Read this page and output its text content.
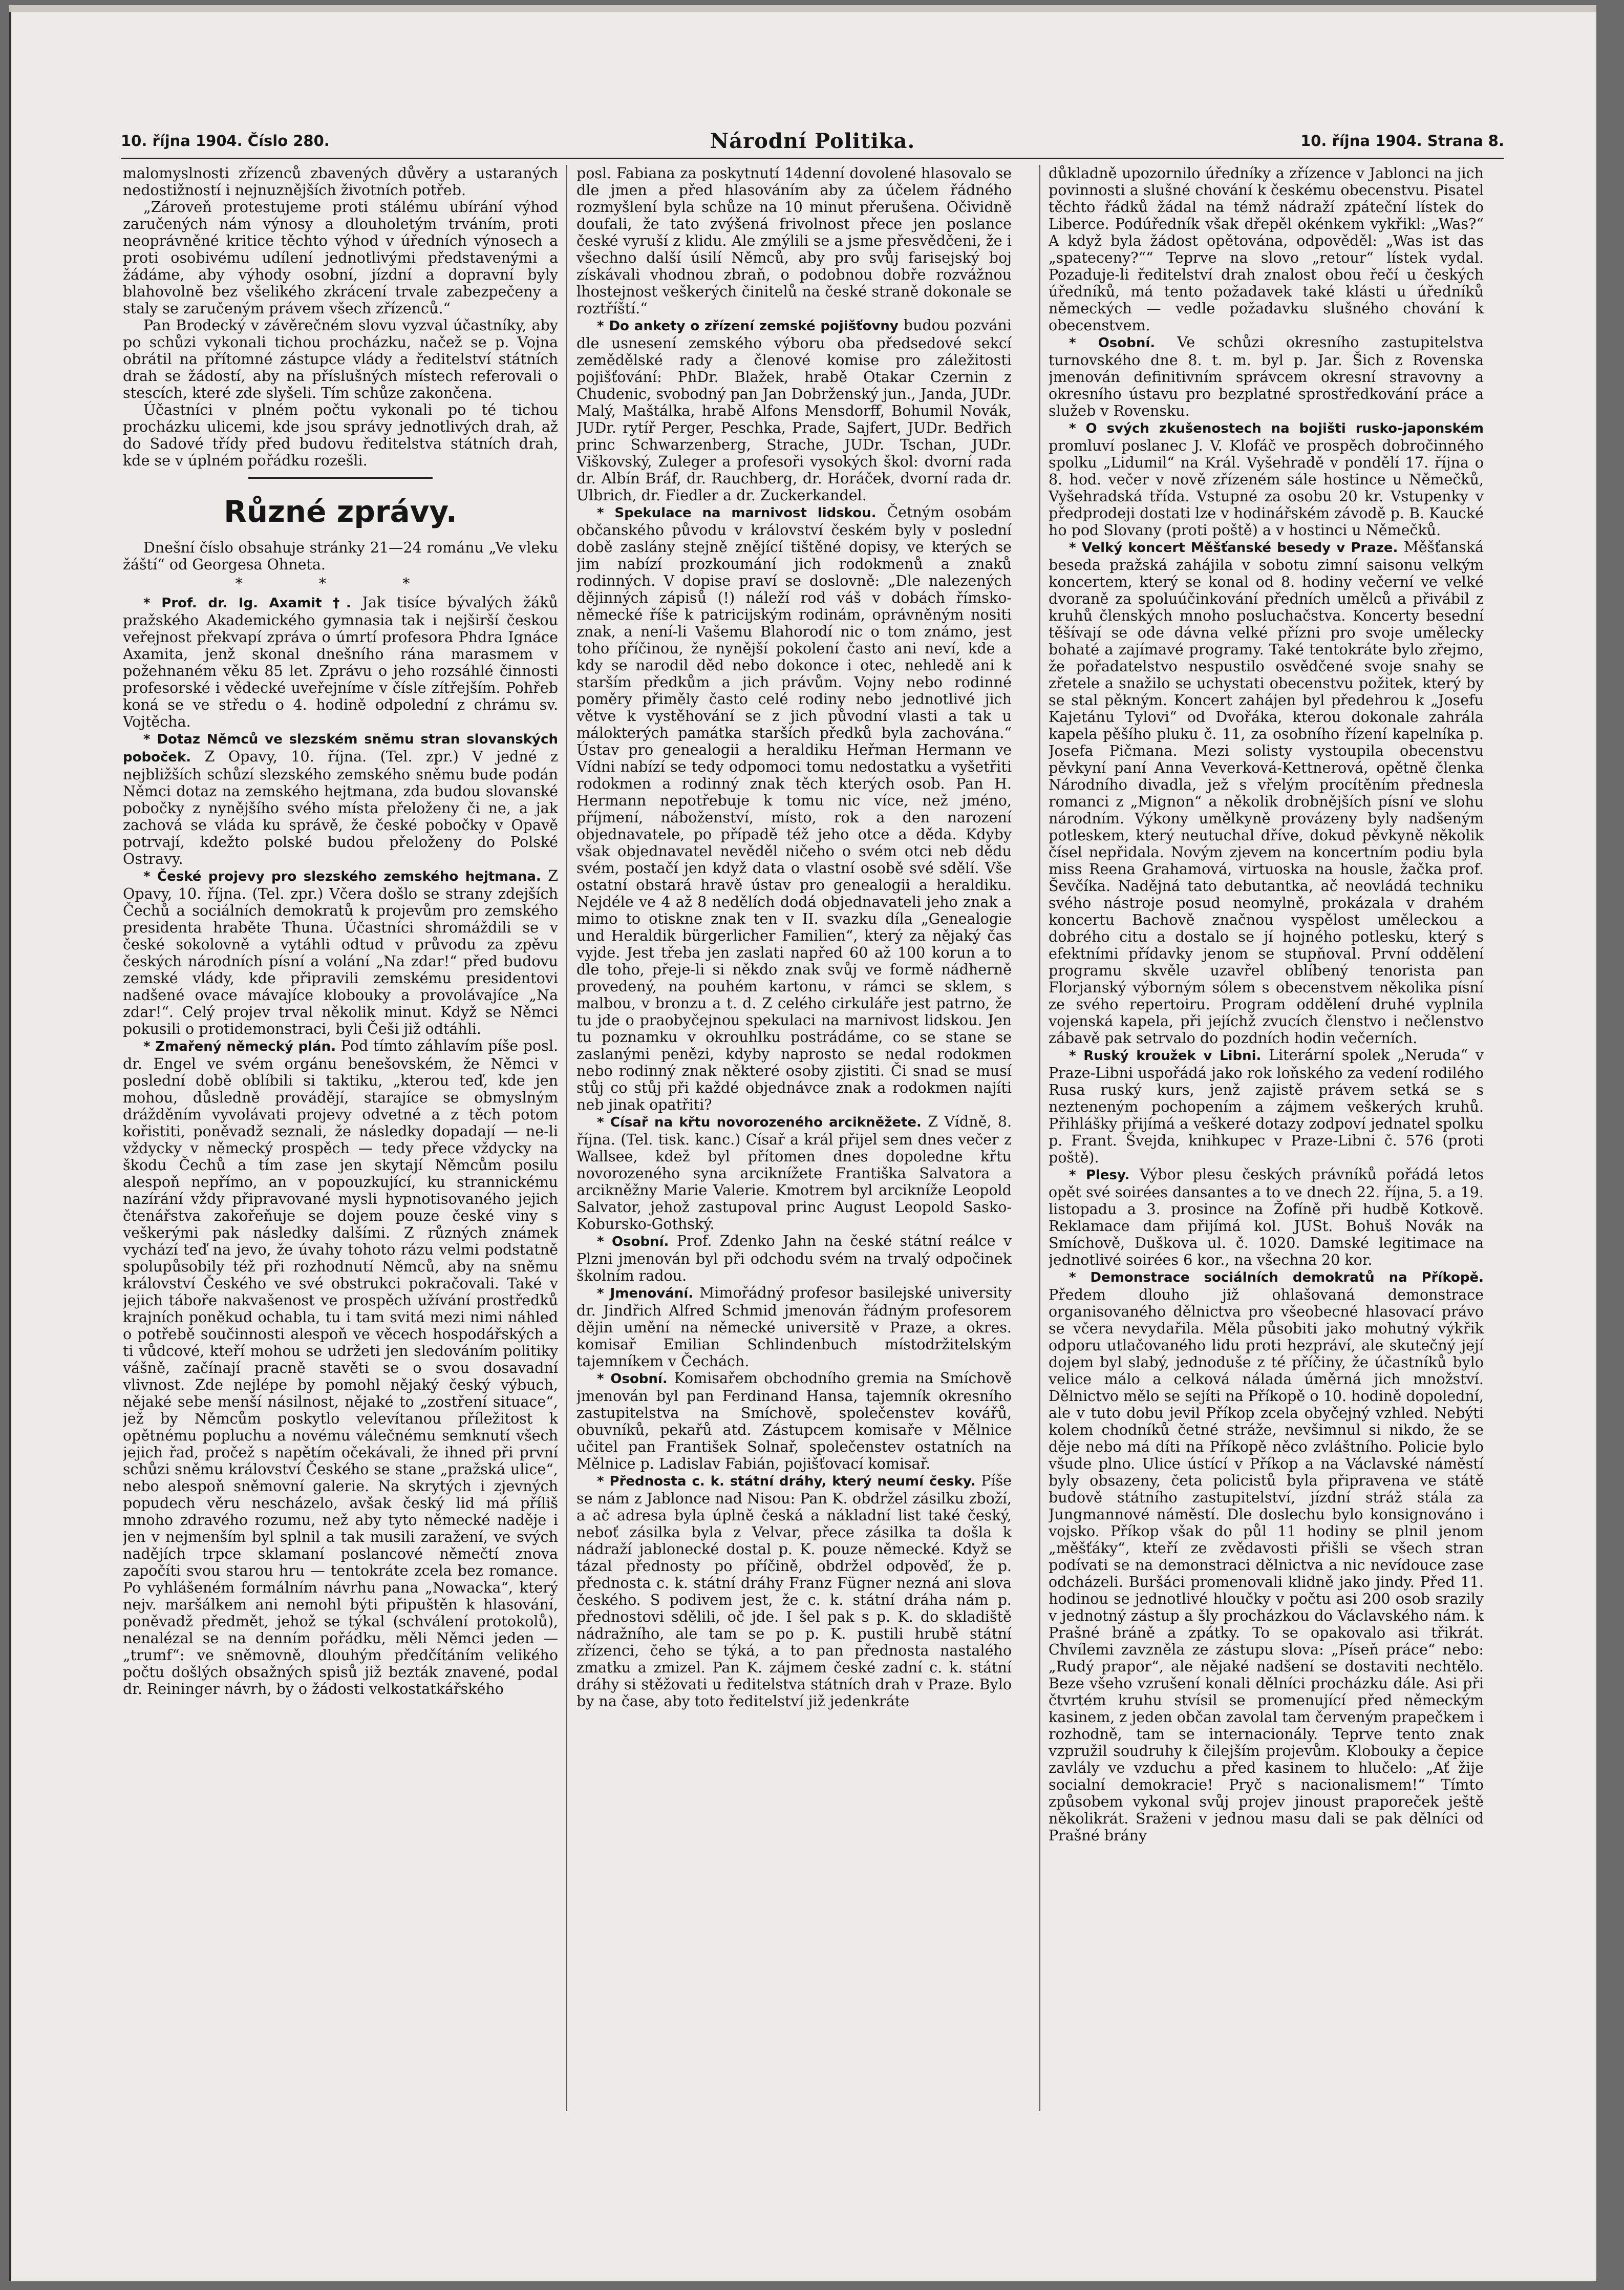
10. října 1904. Číslo 280.	Národní Politika.	10. října 1904. Strana 8.

malomyslnosti zřízenců zbavených důvěry a ustaraných nedostižností i nejnuznějších životních potřeb.

„Zároveň protestujeme proti stálému ubírání výhod zaručených nám výnosy a dlouholetým trváním, proti neoprávněné kritice těchto výhod v úředních výnosech a proti osobivému udílení jednotlivými představenými a žádáme, aby výhody osobní, jízdní a dopravní byly blahovolně bez všelikého zkrácení trvale zabezpečeny a staly se zaručeným právem všech zřízenců.“

Pan Brodecký v závěrečném slovu vyzval účastníky, aby po schůzi vykonali tichou procházku, načež se p. Vojna obrátil na přítomné zástupce vlády a ředitelství státních drah se žádostí, aby na příslušných místech referovali o stescích, které zde slyšeli. Tím schůze zakončena.

Účastníci v plném počtu vykonali po té tichou procházku ulicemi, kde jsou správy jednotlivých drah, až do Sadové třídy před budovu ředitelstva státních drah, kde se v úplném pořádku rozešli.

Různé zprávy.

Dnešní číslo obsahuje stránky 21—24 románu „Ve vleku žáští“ od Georgesa Ohneta.

* * *

* Prof. dr. Ig. Axamit †. Jak tisíce bývalých žáků pražského Akademického gymnasia tak i nejširší českou veřejnost překvapí zpráva o úmrtí profesora Phdra Ignáce Axamita, jenž skonal dnešního rána marasmem v požehnaném věku 85 let. Zprávu o jeho rozsáhlé činnosti profesorské i vědecké uveřejníme v čísle zítřejším. Pohřeb koná se ve středu o 4. hodině odpolední z chrámu sv. Vojtěcha.

* Dotaz Němců ve slezském sněmu stran slovanských poboček. Z Opavy, 10. října. (Tel. zpr.) V jedné z nejbližších schůzí slezského zemského sněmu bude podán Němci dotaz na zemského hejtmana, zda budou slovanské pobočky z nynějšího svého místa přeloženy či ne, a jak zachová se vláda ku správě, že české pobočky v Opavě potrvají, kdežto polské budou přeloženy do Polské Ostravy.

* České projevy pro slezského zemského hejtmana. Z Opavy, 10. října. (Tel. zpr.) Včera došlo se strany zdejších Čechů a sociálních demokratů k projevům pro zemského presidenta hraběte Thuna. Účastníci shromáždili se v české sokolovně a vytáhli odtud v průvodu za zpěvu českých národních písní a volání „Na zdar!“ před budovu zemské vlády, kde připravili zemskému presidentovi nadšené ovace mávajíce klobouky a provolávajíce „Na zdar!“. Celý projev trval několik minut. Když se Němci pokusili o protidemonstraci, byli Češi již odtáhli.

* Zmařený německý plán. Pod tímto záhlavím píše posl. dr. Engel ve svém orgánu benešovském, že Němci v poslední době oblíbili si taktiku, „kterou teď, kde jen mohou, důsledně provádějí, starajíce se obmyslným drážděním vyvolávati projevy odvetné a z těch potom kořistiti, poněvadž seznali, že následky dopadají — ne-li vždycky v německý prospěch — tedy přece vždycky na škodu Čechů a tím zase jen skytají Němcům posilu alespoň nepřímo, an v popouzkující, ku strannickému nazírání vždy připravované mysli hypnotisovaného jejich čtenářstva zakořeňuje se dojem pouze české viny s veškerými pak následky dalšími. Z různých známek vychází teď na jevo, že úvahy tohoto rázu velmi podstatně spolupůsobily též při rozhodnutí Němců, aby na sněmu království Českého ve své obstrukci pokračovali. Také v jejich táboře nakvašenost ve prospěch užívání prostředků krajních poněkud ochabla, tu i tam svitá mezi nimi náhled o potřebě součinnosti alespoň ve věcech hospodářských a ti vůdcové, kteří mohou se udržeti jen sledováním politiky vášně, začínají pracně stavěti se o svou dosavadní vlivnost. Zde nejlépe by pomohl nějaký český výbuch, nějaké sebe menší násilnost, nějaké to „zostření situace“, jež by Němcům poskytlo velevítanou příležitost k opětnému popluchu a novému válečnému semknutí všech jejich řad, pročež s napětím očekávali, že ihned při první schůzi sněmu království Českého se stane „pražská ulice“, nebo alespoň sněmovní galerie. Na skrytých i zjevných popudech věru nescházelo, avšak český lid má příliš mnoho zdravého rozumu, než aby tyto německé naděje i jen v nejmenším byl splnil a tak musili zaražení, ve svých nadějích trpce sklamaní poslancové němečtí znova započíti svou starou hru — tentokráte zcela bez romance. Po vyhlášeném formálním návrhu pana „Nowacka“, který nejv. maršálkem ani nemohl býti připuštěn k hlasování, poněvadž předmět, jehož se týkal (schválení protokolů), nenalézal se na denním pořádku, měli Němci jeden — „trumf“: ve sněmovně, dlouhým předčítáním velikého počtu došlých obsažných spisů již bezták znavené, podal dr. Reininger návrh, by o žádosti velkostatkářského

posl. Fabiana za poskytnutí 14denní dovolené hlasovalo se dle jmen a před hlasováním aby za účelem řádného rozmyšlení byla schůze na 10 minut přerušena. Očividně doufali, že tato zvýšená frivolnost přece jen poslance české vyruší z klidu. Ale zmýlili se a jsme přesvědčeni, že i všechno další úsilí Němců, aby pro svůj farisejský boj získávali vhodnou zbraň, o podobnou dobře rozvážnou lhostejnost veškerých činitelů na české straně dokonale se roztříští.“

* Do ankety o zřízení zemské pojišťovny budou pozváni dle usnesení zemského výboru oba předsedové sekcí zemědělské rady a členové komise pro záležitosti pojišťování: PhDr. Blažek, hrabě Otakar Czernin z Chudenic, svobodný pan Jan Dobrženský jun., Janda, JUDr. Malý, Maštálka, hrabě Alfons Mensdorff, Bohumil Novák, JUDr. rytíř Perger, Peschka, Prade, Sajfert, JUDr. Bedřich princ Schwarzenberg, Strache, JUDr. Tschan, JUDr. Viškovský, Zuleger a profesoři vysokých škol: dvorní rada dr. Albín Bráf, dr. Rauchberg, dr. Horáček, dvorní rada dr. Ulbrich, dr. Fiedler a dr. Zuckerkandel.

* Spekulace na marnivost lidskou. Četným osobám občanského původu v království českém byly v poslední době zaslány stejně znějící tištěné dopisy, ve kterých se jim nabízí prozkoumání jich rodokmenů a znaků rodinných. V dopise praví se doslovně: „Dle nalezených dějinných zápisů (!) náleží rod váš v dobách římsko-německé říše k patricijským rodinám, oprávněným nositi znak, a není-li Vašemu Blahorodí nic o tom známo, jest toho příčinou, že nynější pokolení často ani neví, kde a kdy se narodil děd nebo dokonce i otec, nehledě ani k starším předkům a jich právům. Vojny nebo rodinné poměry přiměly často celé rodiny nebo jednotlivé jich větve k vystěhování se z jich původní vlasti a tak u málokterých památka starších předků byla zachována.“ Ústav pro genealogii a heraldiku Heřman Hermann ve Vídni nabízí se tedy odpomoci tomu nedostatku a vyšetřiti rodokmen a rodinný znak těch kterých osob. Pan H. Hermann nepotřebuje k tomu nic více, než jméno, příjmení, náboženství, místo, rok a den narození objednavatele, po případě též jeho otce a děda. Kdyby však objednavatel nevěděl ničeho o svém otci neb dědu svém, postačí jen když data o vlastní osobě své sdělí. Vše ostatní obstará hravě ústav pro genealogii a heraldiku. Nejdéle ve 4 až 8 nedělích dodá objednavateli jeho znak a mimo to otiskne znak ten v II. svazku díla „Genealogie und Heraldik bürgerlicher Familien“, který za nějaký čas vyjde. Jest třeba jen zaslati napřed 60 až 100 korun a to dle toho, přeje-li si někdo znak svůj ve formě nádherně provedený, na pouhém kartonu, v rámci se sklem, s malbou, v bronzu a t. d. Z celého cirkuláře jest patrno, že tu jde o praobyčejnou spekulaci na marnivost lidskou. Jen tu poznamku v okrouhlku postrádáme, co se stane se zaslanými penězi, kdyby naprosto se nedal rodokmen nebo rodinný znak některé osoby zjistiti. Či snad se musí stůj co stůj při každé objednávce znak a rodokmen najíti neb jinak opatřiti?

* Císař na křtu novorozeného arcikněžete. Z Vídně, 8. října. (Tel. tisk. kanc.) Císař a král přijel sem dnes večer z Wallsee, kdež byl přítomen dnes dopoledne křtu novorozeného syna arciknížete Františka Salvatora a arcikněžny Marie Valerie. Kmotrem byl arcikníže Leopold Salvator, jehož zastupoval princ August Leopold Sasko-Koburskо-Gothský.

* Osobní. Prof. Zdenko Jahn na české státní reálce v Plzni jmenován byl při odchodu svém na trvalý odpočinek školním radou.

* Jmenování. Mimořádný profesor basilejské university dr. Jindřich Alfred Schmid jmenován řádným profesorem dějin umění na německé universitě v Praze, a okres. komisař Emilian Schlindenbuch místodržitelským tajemníkem v Čechách.

* Osobní. Komisařem obchodního gremia na Smíchově jmenován byl pan Ferdinand Hansa, tajemník okresního zastupitelstva na Smíchově, společenstev kovářů, obuvníků, pekařů atd. Zástupcem komisaře v Mělnice učitel pan František Solnař, společenstev ostatních na Mělnice p. Ladislav Fabián, pojišťovací komisař.

* Přednosta c. k. státní dráhy, který neumí česky. Píše se nám z Jablonce nad Nisou: Pan K. obdržel zásilku zboží, a ač adresa byla úplně česká a nákladní list také český, neboť zásilka byla z Velvar, přece zásilka ta došla k nádraží jablonecké dostal p. K. pouze německé. Když se tázal přednosty po příčině, obdržel odpověď, že p. přednosta c. k. státní dráhy Franz Fügner nezná ani slova českého. S podivem jest, že c. k. státní dráha nám p. přednostovi sdělili, oč jde. I šel pak s p. K. do skladiště nádražního, ale tam se po p. K. pustili hrubě státní zřízenci, čeho se týká, a to pan přednosta nastalého zmatku a zmizel. Pan K. zájmem české zadní c. k. státní dráhy si stěžovati u ředitelstva státních drah v Praze. Bylo by na čase, aby toto ředitelství již jedenkráte

důkladně upozornilo úředníky a zřízence v Jablonci na jich povinnosti a slušné chování k českému obecenstvu. Pisatel těchto řádků žádal na témž nádraží zpáteční lístek do Liberce. Podúředník však dřepěl okénkem vykřikl: „Was?“ A když byla žádost opětována, odpověděl: „Was ist das „spateceny?““ Teprve na slovo „retour“ lístek vydal. Pozaduje-li ředitelství drah znalost obou řečí u českých úředníků, má tento požadavek také klásti u úředníků německých — vedle požadavku slušného chování k obecenstvem.

* Osobní. Ve schůzi okresního zastupitelstva turnovského dne 8. t. m. byl p. Jar. Šich z Rovenska jmenován definitivním správcem okresní stravovny a okresního ústavu pro bezplatné sprostředkování práce a služeb v Rovensku.

* O svých zkušenostech na bojišti rusko-japonském promluví poslanec J. V. Klofáč ve prospěch dobročinného spolku „Lidumil“ na Král. Vyšehradě v pondělí 17. října o 8. hod. večer v nově zřízeném sále hostince u Němečků, Vyšehradská třída. Vstupné za osobu 20 kr. Vstupenky v předprodeji dostati lze v hodinářském závodě p. B. Kaucké ho pod Slovany (proti poště) a v hostinci u Němečků.

* Velký koncert Měšťanské besedy v Praze. Měšťanská beseda pražská zahájila v sobotu zimní saisonu velkým koncertem, který se konal od 8. hodiny večerní ve velké dvoraně za spoluúčinkování předních umělců a přivábil z kruhů členských mnoho posluchačstva. Koncerty besední těšívají se ode dávna velké přízni pro svoje umělecky bohaté a zajímavé programy. Také tentokráte bylo zřejmo, že pořadatelstvo nespustilo osvědčené svoje snahy se zřetele a snažilo se uchystati obecenstvu požitek, který by se stal pěkným. Koncert zahájen byl předehrou k „Josefu Kajetánu Tylovi“ od Dvořáka, kterou dokonale zahrála kapela pěšího pluku č. 11, za osobního řízení kapelníka p. Josefa Pičmana. Mezi solisty vystoupila obecenstvu pěvkyní paní Anna Veverková-Kettnerová, opětně členka Národního divadla, jež s vřelým procítěním přednesla romanci z „Mignon“ a několik drobnějších písní ve slohu národním. Výkony umělkyně provázeny byly nadšeným potleskem, který neutuchal dříve, dokud pěvkyně několik čísel nepřidala. Novým zjevem na koncertním podiu byla miss Reena Grahamová, virtuoska na housle, žačka prof. Ševčíka. Nadějná tato debutantka, ač neovládá techniku svého nástroje posud neomylně, prokázala v drahém koncertu Bachově značnou vyspělost uměleckou a dobrého citu a dostalo se jí hojného potlesku, který s efektními přídavky jenom se stupňoval. První oddělení programu skvěle uzavřel oblíbený tenorista pan Florjanský výborným sólem s obecenstvem několika písní ze svého repertoiru. Program oddělení druhé vyplnila vojenská kapela, při jejíchž zvucích členstvo i nečlenstvo zábavě pak setrvalo do pozdních hodin večerních.

* Ruský kroužek v Libni. Literární spolek „Neruda“ v Praze-Libni uspořádá jako rok loňského za vedení rodilého Rusa ruský kurs, jenž zajistě právem setká se s nezteneným pochopením a zájmem veškerých kruhů. Přihlášky přijímá a veškeré dotazy zodpoví jednatel spolku p. Frant. Švejda, knihkupec v Praze-Libni č. 576 (proti poště).

* Plesy. Výbor plesu českých právníků pořádá letos opět své soirées dansantes a to ve dnech 22. října, 5. a 19. listopadu a 3. prosince na Žofíně při hudbě Kotkově. Reklamace dam přijímá kol. JUSt. Bohuš Novák na Smíchově, Duškova ul. č. 1020. Damské legitimace na jednotlivé soirées 6 kor., na všechna 20 kor.

* Demonstrace sociálních demokratů na Příkopě. Předem dlouho již ohlašovaná demonstrace organisovaného dělnictva pro všeobecné hlasovací právo se včera nevydařila. Měla působiti jako mohutný výkřik odporu utlačovaného lidu proti hezpráví, ale skutečný její dojem byl slabý, jednoduše z té příčiny, že účastníků bylo velice málo a celková nálada úměrná jich množství. Dělnictvo mělo se sejíti na Příkopě o 10. hodině dopolední, ale v tuto dobu jevil Příkop zcela obyčejný vzhled. Nebýti kolem chodníků četné stráže, nevšimnul si nikdo, že se děje nebo má díti na Příkopě něco zvláštního. Policie bylo všude plno. Ulice ústící v Příkop a na Václavské náměstí byly obsazeny, četa policistů byla připravena ve státě budově státního zastupitelství, jízdní stráž stála za Jungmannové náměstí. Dle doslechu bylo konsignováno i vojsko. Příkop však do půl 11 hodiny se plnil jenom „měšťáky“, kteří ze zvědavosti přišli se všech stran podívati se na demonstraci dělnictva a nic nevídouce zase odcházeli. Buršáci promenovali klidně jako jindy. Před 11. hodinou se jednotlivé hloučky v počtu asi 200 osob srazily v jednotný zástup a šly procházkou do Václavského nám. k Prašné bráně a zpátky. To se opakovalo asi třikrát. Chvílemi zavzněla ze zástupu slova: „Píseň práce“ nebo: „Rudý prapor“, ale nějaké nadšení se dostaviti nechtělo. Beze všeho vzrušení konali dělníci procházku dále. Asi při čtvrtém kruhu stvísil se promenující před německým kasinem, z jeden občan zavolal tam červeným prapečkem i rozhodně, tam se internacionály. Teprve tento znak vzpružil soudruhy k čilejším projevům. Klobouky a čepice zavlály ve vzduchu a před kasinem to hlučelo: „Ať žije socialní demokracie! Pryč s nacionalismem!“ Tímto způsobem vykonal svůj projev jinoust praporeček ještě několikrát. Sraženi v jednou masu dali se pak dělníci od Prašné brány
